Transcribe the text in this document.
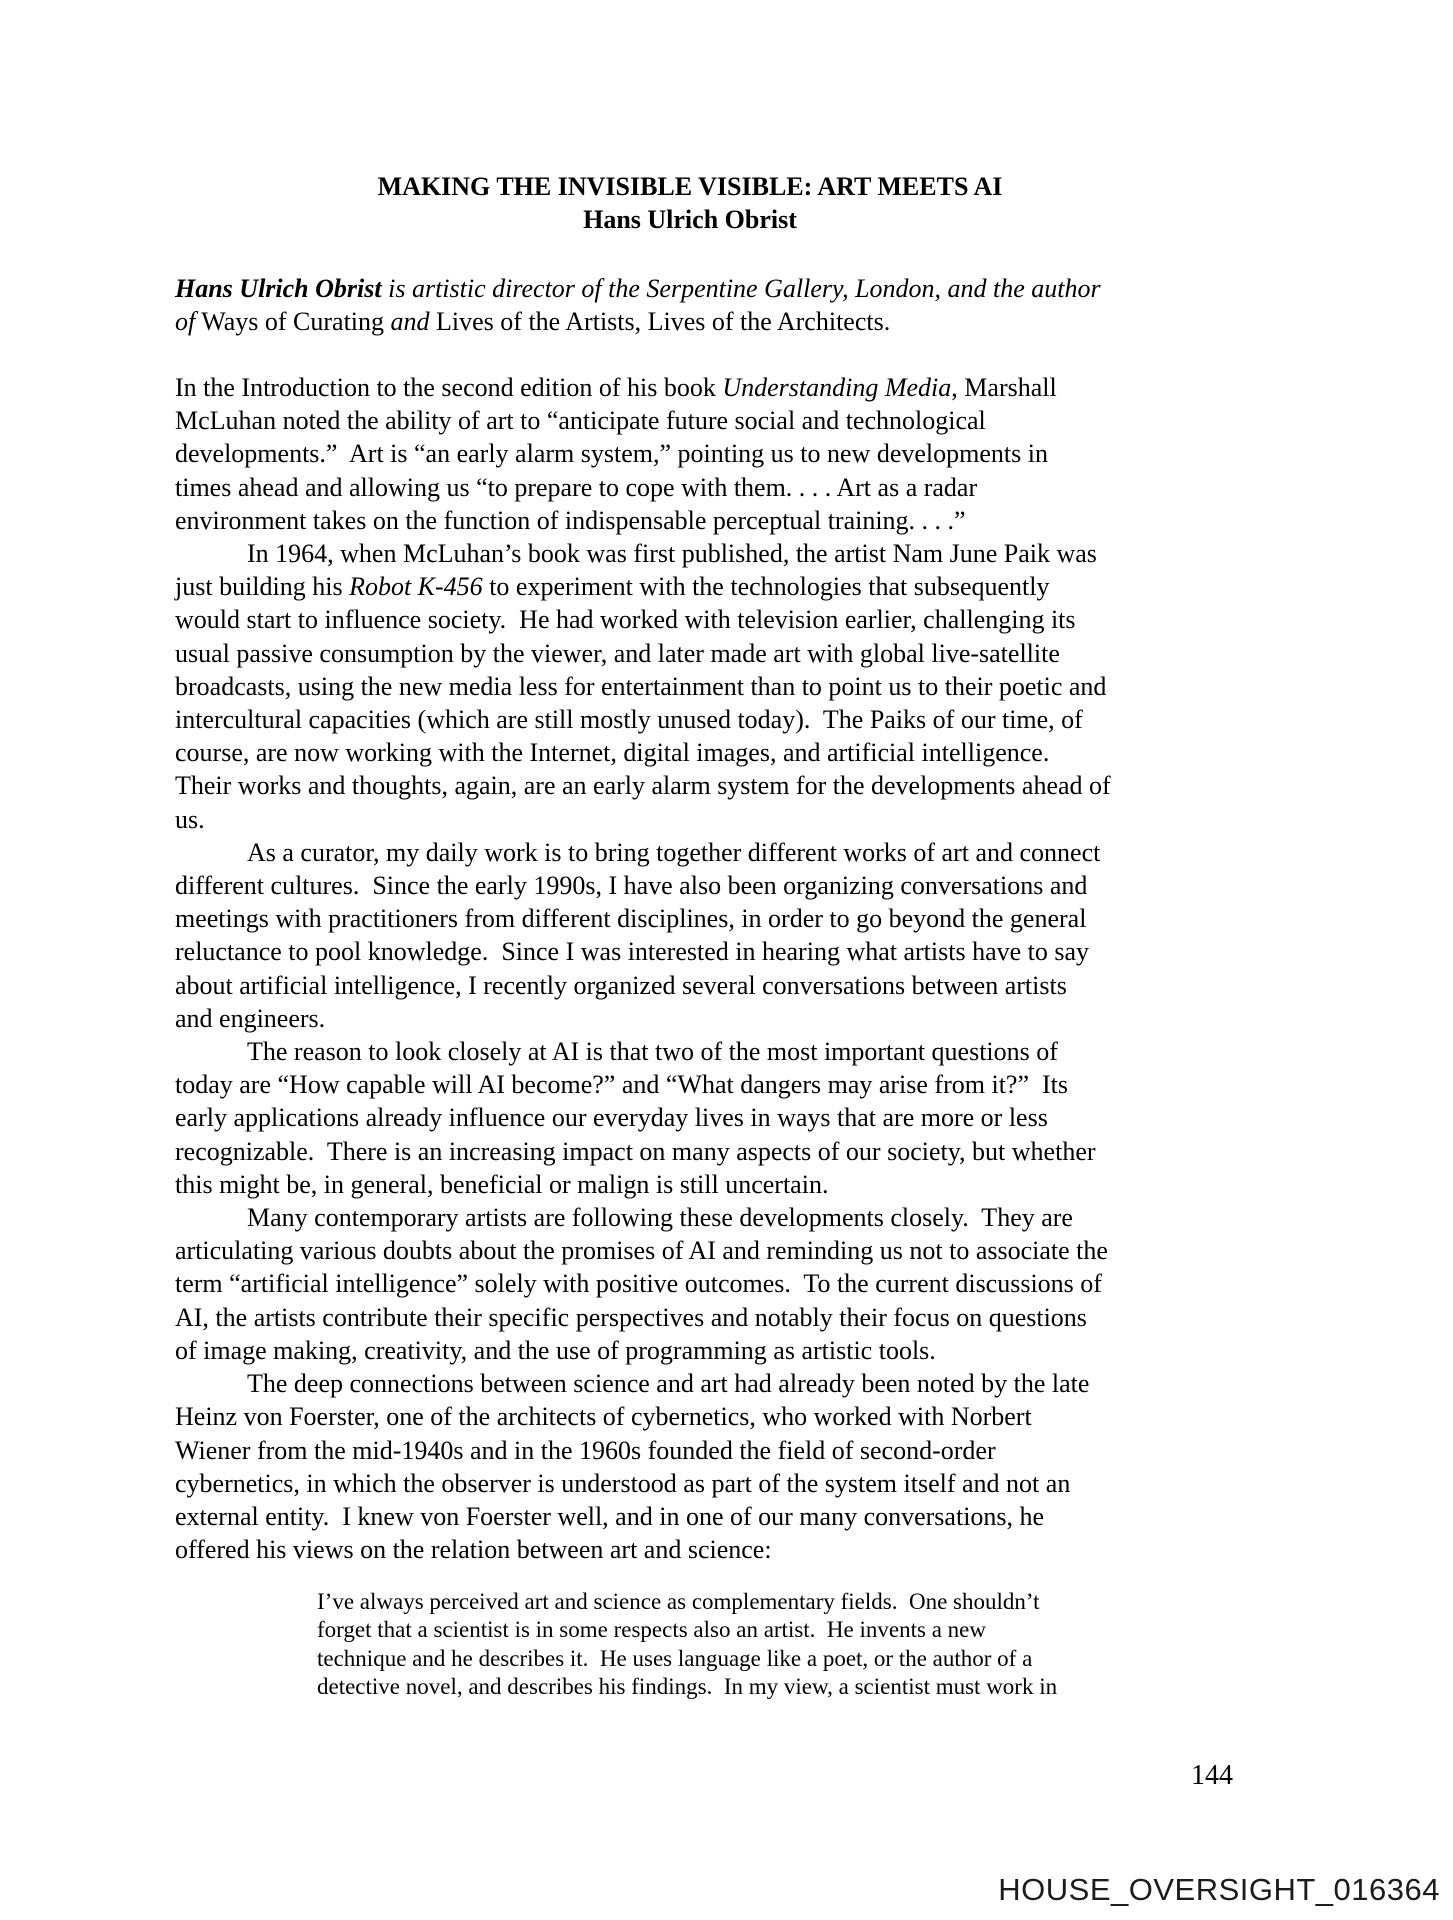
MAKING THE INVISIBLE VISIBLE: ART MEETS AI
Hans Ulrich Obrist
Hans Ulrich Obrist is artistic director of the Serpentine Gallery, London, and the author
of Ways of Curating and Lives of the Artists, Lives of the Architects.
In the Introduction to the second edition of his book Understanding Media, Marshall
McLuhan noted the ability of art to “anticipate future social and technological
developments.”  Art is “an early alarm system,” pointing us to new developments in
times ahead and allowing us “to prepare to cope with them. . . . Art as a radar
environment takes on the function of indispensable perceptual training. . . .”
In 1964, when McLuhan’s book was first published, the artist Nam June Paik was
just building his Robot K-456 to experiment with the technologies that subsequently
would start to influence society.  He had worked with television earlier, challenging its
usual passive consumption by the viewer, and later made art with global live-satellite
broadcasts, using the new media less for entertainment than to point us to their poetic and
intercultural capacities (which are still mostly unused today).  The Paiks of our time, of
course, are now working with the Internet, digital images, and artificial intelligence.
Their works and thoughts, again, are an early alarm system for the developments ahead of
us.
As a curator, my daily work is to bring together different works of art and connect
different cultures.  Since the early 1990s, I have also been organizing conversations and
meetings with practitioners from different disciplines, in order to go beyond the general
reluctance to pool knowledge.  Since I was interested in hearing what artists have to say
about artificial intelligence, I recently organized several conversations between artists
and engineers.
The reason to look closely at AI is that two of the most important questions of
today are “How capable will AI become?” and “What dangers may arise from it?”  Its
early applications already influence our everyday lives in ways that are more or less
recognizable.  There is an increasing impact on many aspects of our society, but whether
this might be, in general, beneficial or malign is still uncertain.
Many contemporary artists are following these developments closely.  They are
articulating various doubts about the promises of AI and reminding us not to associate the
term “artificial intelligence” solely with positive outcomes.  To the current discussions of
AI, the artists contribute their specific perspectives and notably their focus on questions
of image making, creativity, and the use of programming as artistic tools.
The deep connections between science and art had already been noted by the late
Heinz von Foerster, one of the architects of cybernetics, who worked with Norbert
Wiener from the mid-1940s and in the 1960s founded the field of second-order
cybernetics, in which the observer is understood as part of the system itself and not an
external entity.  I knew von Foerster well, and in one of our many conversations, he
offered his views on the relation between art and science:
I’ve always perceived art and science as complementary fields.  One shouldn’t
forget that a scientist is in some respects also an artist.  He invents a new
technique and he describes it.  He uses language like a poet, or the author of a
detective novel, and describes his findings.  In my view, a scientist must work in
144
HOUSE_OVERSIGHT_016364
